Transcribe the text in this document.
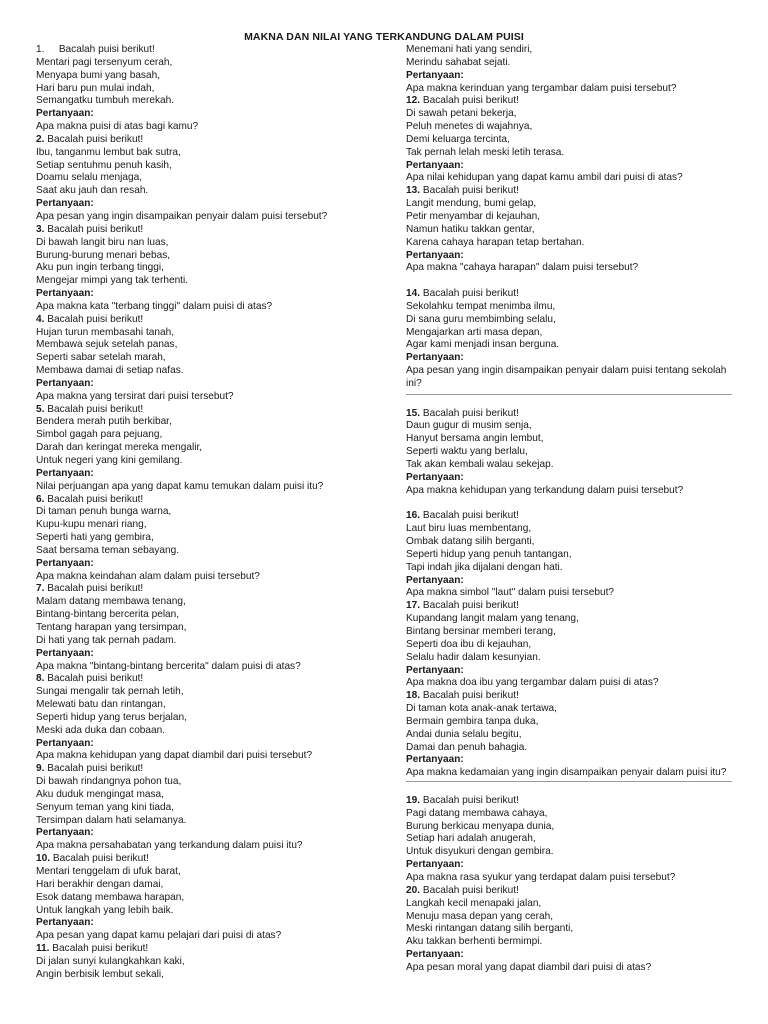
MAKNA DAN NILAI YANG TERKANDUNG DALAM PUISI
1. Bacalah puisi berikut!
Mentari pagi tersenyum cerah,
Menyapa bumi yang basah,
Hari baru pun mulai indah,
Semangatku tumbuh merekah.
Pertanyaan:
Apa makna puisi di atas bagi kamu?
2. Bacalah puisi berikut!
Ibu, tanganmu lembut bak sutra,
Setiap sentuhmu penuh kasih,
Doamu selalu menjaga,
Saat aku jauh dan resah.
Pertanyaan:
Apa pesan yang ingin disampaikan penyair dalam puisi tersebut?
3. Bacalah puisi berikut!
Di bawah langit biru nan luas,
Burung-burung menari bebas,
Aku pun ingin terbang tinggi,
Mengejar mimpi yang tak terhenti.
Pertanyaan:
Apa makna kata "terbang tinggi" dalam puisi di atas?
4. Bacalah puisi berikut!
Hujan turun membasahi tanah,
Membawa sejuk setelah panas,
Seperti sabar setelah marah,
Membawa damai di setiap nafas.
Pertanyaan:
Apa makna yang tersirat dari puisi tersebut?
5. Bacalah puisi berikut!
Bendera merah putih berkibar,
Simbol gagah para pejuang,
Darah dan keringat mereka mengalir,
Untuk negeri yang kini gemilang.
Pertanyaan:
Nilai perjuangan apa yang dapat kamu temukan dalam puisi itu?
6. Bacalah puisi berikut!
Di taman penuh bunga warna,
Kupu-kupu menari riang,
Seperti hati yang gembira,
Saat bersama teman sebayang.
Pertanyaan:
Apa makna keindahan alam dalam puisi tersebut?
7. Bacalah puisi berikut!
Malam datang membawa tenang,
Bintang-bintang bercerita pelan,
Tentang harapan yang tersimpan,
Di hati yang tak pernah padam.
Pertanyaan:
Apa makna "bintang-bintang bercerita" dalam puisi di atas?
8. Bacalah puisi berikut!
Sungai mengalir tak pernah letih,
Melewati batu dan rintangan,
Seperti hidup yang terus berjalan,
Meski ada duka dan cobaan.
Pertanyaan:
Apa makna kehidupan yang dapat diambil dari puisi tersebut?
9. Bacalah puisi berikut!
Di bawah rindangnya pohon tua,
Aku duduk mengingat masa,
Senyum teman yang kini tiada,
Tersimpan dalam hati selamanya.
Pertanyaan:
Apa makna persahabatan yang terkandung dalam puisi itu?
10. Bacalah puisi berikut!
Mentari tenggelam di ufuk barat,
Hari berakhir dengan damai,
Esok datang membawa harapan,
Untuk langkah yang lebih baik.
Pertanyaan:
Apa pesan yang dapat kamu pelajari dari puisi di atas?
11. Bacalah puisi berikut!
Di jalan sunyi kulangkahkan kaki,
Angin berbisik lembut sekali,
Menemani hati yang sendiri,
Merindu sahabat sejati.
Pertanyaan:
Apa makna kerinduan yang tergambar dalam puisi tersebut?
12. Bacalah puisi berikut!
Di sawah petani bekerja,
Peluh menetes di wajahnya,
Demi keluarga tercinta,
Tak pernah lelah meski letih terasa.
Pertanyaan:
Apa nilai kehidupan yang dapat kamu ambil dari puisi di atas?
13. Bacalah puisi berikut!
Langit mendung, bumi gelap,
Petir menyambar di kejauhan,
Namun hatiku takkan gentar,
Karena cahaya harapan tetap bertahan.
Pertanyaan:
Apa makna "cahaya harapan" dalam puisi tersebut?
14. Bacalah puisi berikut!
Sekolahku tempat menimba ilmu,
Di sana guru membimbing selalu,
Mengajarkan arti masa depan,
Agar kami menjadi insan berguna.
Pertanyaan:
Apa pesan yang ingin disampaikan penyair dalam puisi tentang sekolah ini?
15. Bacalah puisi berikut!
Daun gugur di musim senja,
Hanyut bersama angin lembut,
Seperti waktu yang berlalu,
Tak akan kembali walau sekejap.
Pertanyaan:
Apa makna kehidupan yang terkandung dalam puisi tersebut?
16. Bacalah puisi berikut!
Laut biru luas membentang,
Ombak datang silih berganti,
Seperti hidup yang penuh tantangan,
Tapi indah jika dijalani dengan hati.
Pertanyaan:
Apa makna simbol "laut" dalam puisi tersebut?
17. Bacalah puisi berikut!
Kupandang langit malam yang tenang,
Bintang bersinar memberi terang,
Seperti doa ibu di kejauhan,
Selalu hadir dalam kesunyian.
Pertanyaan:
Apa makna doa ibu yang tergambar dalam puisi di atas?
18. Bacalah puisi berikut!
Di taman kota anak-anak tertawa,
Bermain gembira tanpa duka,
Andai dunia selalu begitu,
Damai dan penuh bahagia.
Pertanyaan:
Apa makna kedamaian yang ingin disampaikan penyair dalam puisi itu?
19. Bacalah puisi berikut!
Pagi datang membawa cahaya,
Burung berkicau menyapa dunia,
Setiap hari adalah anugerah,
Untuk disyukuri dengan gembira.
Pertanyaan:
Apa makna rasa syukur yang terdapat dalam puisi tersebut?
20. Bacalah puisi berikut!
Langkah kecil menapaki jalan,
Menuju masa depan yang cerah,
Meski rintangan datang silih berganti,
Aku takkan berhenti bermimpi.
Pertanyaan:
Apa pesan moral yang dapat diambil dari puisi di atas?
